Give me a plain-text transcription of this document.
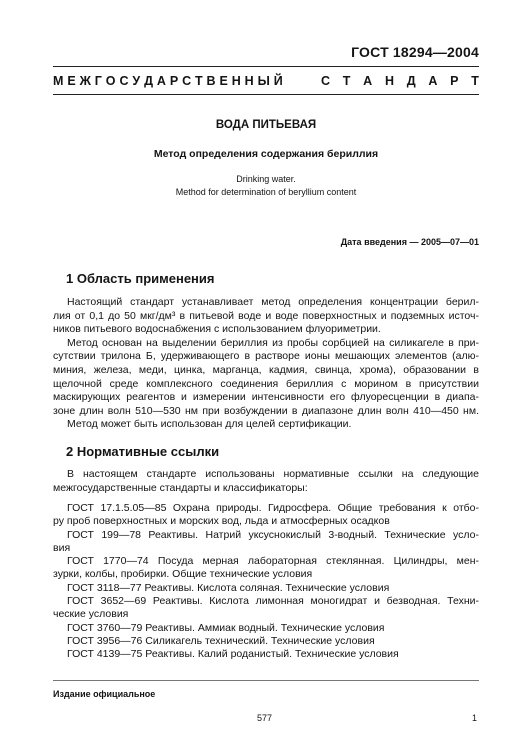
ГОСТ 18294—2004
М Е Ж Г О С У Д А Р С Т В Е Н Н Ы Й	С Т А Н Д А Р Т
ВОДА ПИТЬЕВАЯ
Метод определения содержания бериллия
Drinking water.
Method for determination of beryllium content
Дата введения — 2005—07—01
1 Область применения
Настоящий стандарт устанавливает метод определения концентрации берил-
лия от 0,1 до 50 мкг/дм³ в питьевой воде и воде поверхностных и подземных источ-
ников питьевого водоснабжения с использованием флуориметрии.
Метод основан на выделении бериллия из пробы сорбцией на силикагеле в при-
сутствии трилона Б, удерживающего в растворе ионы мешающих элементов (алю-
миния, железа, меди, цинка, марганца, кадмия, свинца, хрома), образовании в
щелочной среде комплексного соединения бериллия с морином в присутствии
маскирующих реагентов и измерении интенсивности его флуоресценции в диапа-
зоне длин волн 510—530 нм при возбуждении в диапазоне длин волн 410—450 нм.
Метод может быть использован для целей сертификации.
2 Нормативные ссылки
В настоящем стандарте использованы нормативные ссылки на следующие
межгосударственные стандарты и классификаторы:
ГОСТ 17.1.5.05—85 Охрана природы. Гидросфера. Общие требования к отбо-
ру проб поверхностных и морских вод, льда и атмосферных осадков
ГОСТ 199—78 Реактивы. Натрий уксуснокислый 3-водный. Технические усло-
вия
ГОСТ 1770—74 Посуда мерная лабораторная стеклянная. Цилиндры, мен-
зурки, колбы, пробирки. Общие технические условия
ГОСТ 3118—77 Реактивы. Кислота соляная. Технические условия
ГОСТ 3652—69 Реактивы. Кислота лимонная моногидрат и безводная. Техни-
ческие условия
ГОСТ 3760—79 Реактивы. Аммиак водный. Технические условия
ГОСТ 3956—76 Силикагель технический. Технические условия
ГОСТ 4139—75 Реактивы. Калий роданистый. Технические условия
Издание официальное
577	1
